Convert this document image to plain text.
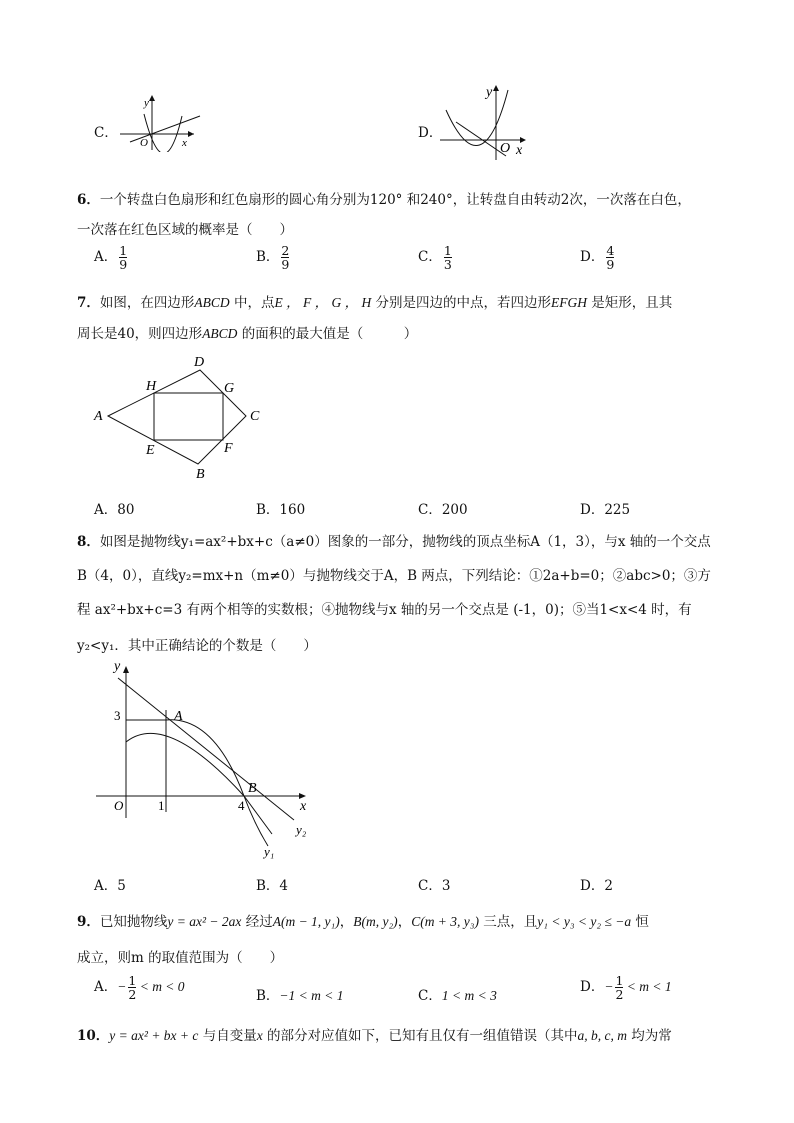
C．
y
O	x
D．
y
O x
6．一个转盘白色扇形和红色扇形的圆心角分别为120° 和240°，让转盘自由转动2次，一次落在白色，
一次落在红色区域的概率是（　　）
A． $\frac{1}{9}$	B． $\frac{2}{9}$	C． $\frac{1}{3}$	D． $\frac{4}{9}$
7．如图，在四边形ABCD 中，点E ， F ， G ， H 分别是四边的中点，若四边形EFGH 是矩形，且其
周长是40，则四边形ABCD 的面积的最大值是（　　　）
A
D
C
B
H	G
E	F
A．80	B．160	C．200	D．225
8．如图是抛物线y₁=ax²+bx+c（a≠0）图象的一部分，抛物线的顶点坐标A（1，3），与x 轴的一个交点
B（4，0），直线y₂=mx+n（m≠0）与抛物线交于A，B 两点，下列结论：①2a+b=0；②abc>0；③方
程 ax²+bx+c=3 有两个相等的实数根；④抛物线与x 轴的另一个交点是 (-1，0)；⑤当1<x<4 时，有
y₂<y₁．其中正确结论的个数是（　　）
y
3	A
O	1	4
B
x
y₂
y₁
A．5	B．4	C．3	D．2
9．已知抛物线y = ax² − 2ax 经过A(m − 1, y₁)，B(m, y₂)，C(m + 3, y₃) 三点，且y₁ < y₃ < y₂ ≤ −a 恒
成立，则m 的取值范围为（　　）
A．− $\frac{1}{2} < m < 0$
B．−1 < m < 1	C．1 < m < 3
D．− $\frac{1}{2} < m < 1$
10．y = ax² + bx + c 与自变量x 的部分对应值如下，已知有且仅有一组值错误（其中a, b, c, m 均为常
